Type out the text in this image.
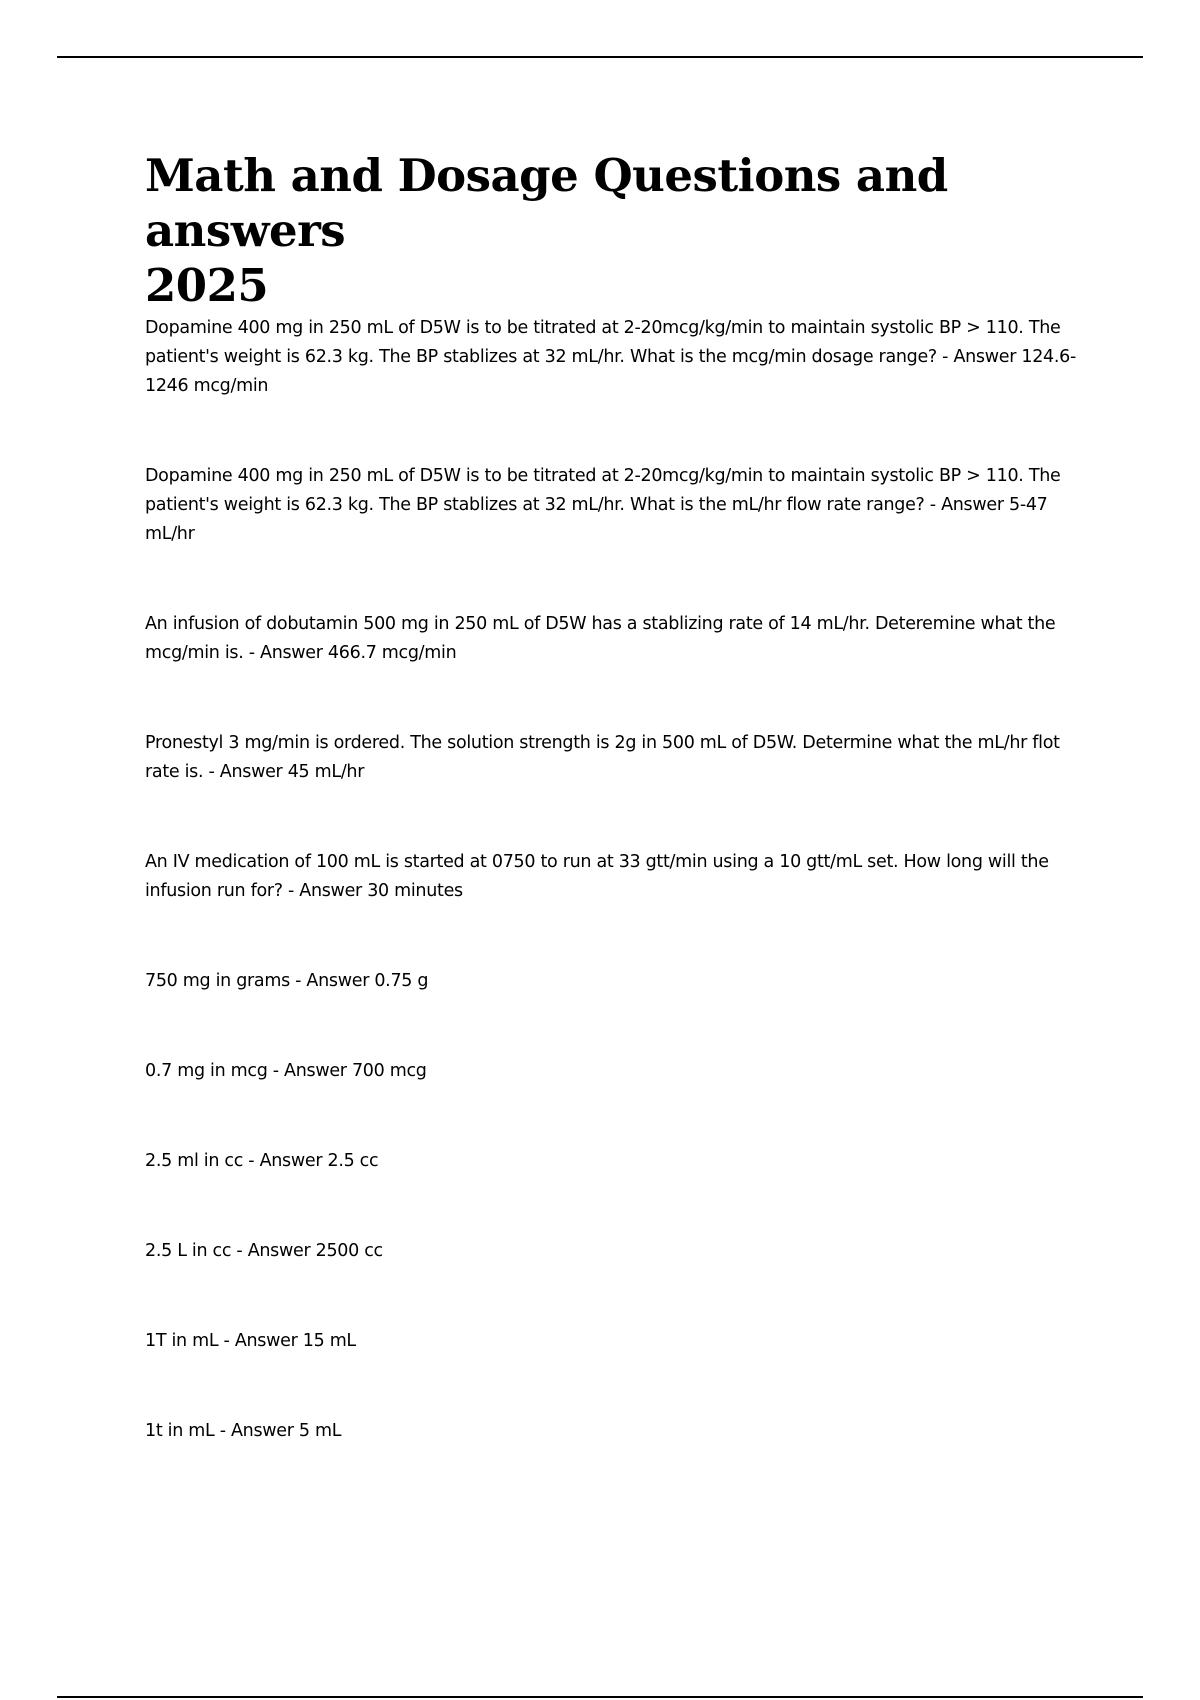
Math and Dosage Questions and answers
2025

Dopamine 400 mg in 250 mL of D5W is to be titrated at 2-20mcg/kg/min to maintain systolic BP > 110. The patient's weight is 62.3 kg. The BP stablizes at 32 mL/hr. What is the mcg/min dosage range? - Answer 124.6-1246 mcg/min

Dopamine 400 mg in 250 mL of D5W is to be titrated at 2-20mcg/kg/min to maintain systolic BP > 110. The patient's weight is 62.3 kg. The BP stablizes at 32 mL/hr. What is the mL/hr flow rate range? - Answer 5-47 mL/hr

An infusion of dobutamin 500 mg in 250 mL of D5W has a stablizing rate of 14 mL/hr. Deteremine what the mcg/min is. - Answer 466.7 mcg/min

Pronestyl 3 mg/min is ordered. The solution strength is 2g in 500 mL of D5W. Determine what the mL/hr flot rate is. - Answer 45 mL/hr

An IV medication of 100 mL is started at 0750 to run at 33 gtt/min using a 10 gtt/mL set. How long will the infusion run for? - Answer 30 minutes

750 mg in grams - Answer 0.75 g

0.7 mg in mcg - Answer 700 mcg

2.5 ml in cc - Answer 2.5 cc

2.5 L in cc - Answer 2500 cc

1T in mL - Answer 15 mL

1t in mL - Answer 5 mL
